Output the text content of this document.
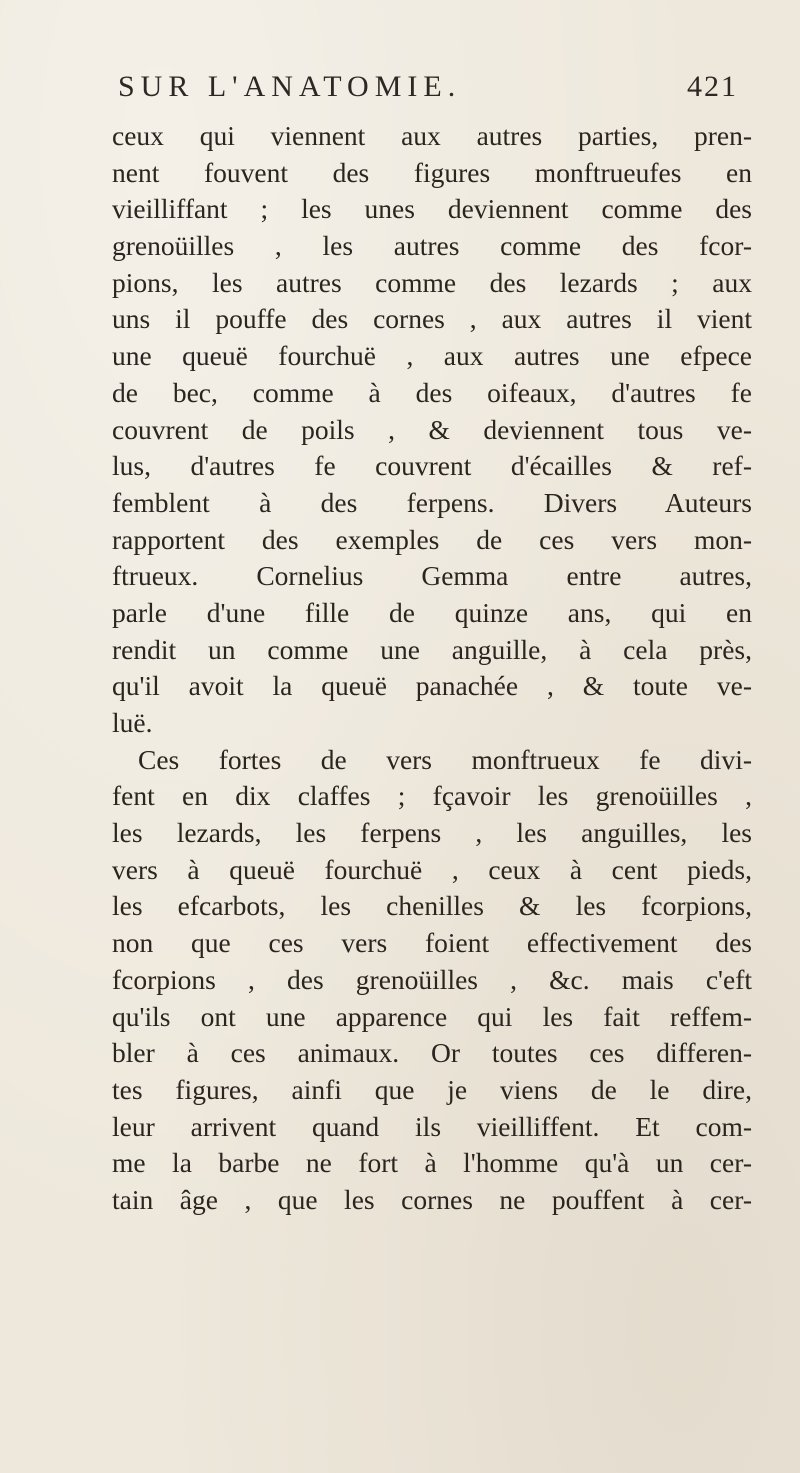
SUR L'ANATOMIE.	421
ceux qui viennent aux autres parties, pren-
nent fouvent des figures monftrueufes en
vieilliffant ; les unes deviennent comme des
grenoüilles , les autres comme des fcor-
pions, les autres comme des lezards ; aux
uns il pouffe des cornes , aux autres il vient
une queuë fourchuë , aux autres une efpece
de bec, comme à des oifeaux, d'autres fe
couvrent de poils , & deviennent tous ve-
lus, d'autres fe couvrent d'écailles & ref-
femblent à des ferpens. Divers Auteurs
rapportent des exemples de ces vers mon-
ftrueux. Cornelius Gemma entre autres,
parle d'une fille de quinze ans, qui en
rendit un comme une anguille, à cela près,
qu'il avoit la queuë panachée , & toute ve-
luë.
Ces fortes de vers monftrueux fe divi-
fent en dix claffes ; fçavoir les grenoüilles ,
les lezards, les ferpens , les anguilles, les
vers à queuë fourchuë , ceux à cent pieds,
les efcarbots, les chenilles & les fcorpions,
non que ces vers foient effectivement des
fcorpions , des grenoüilles , &c. mais c'eft
qu'ils ont une apparence qui les fait reffem-
bler à ces animaux. Or toutes ces differen-
tes figures, ainfi que je viens de le dire,
leur arrivent quand ils vieilliffent. Et com-
me la barbe ne fort à l'homme qu'à un cer-
tain âge , que les cornes ne pouffent à cer-
